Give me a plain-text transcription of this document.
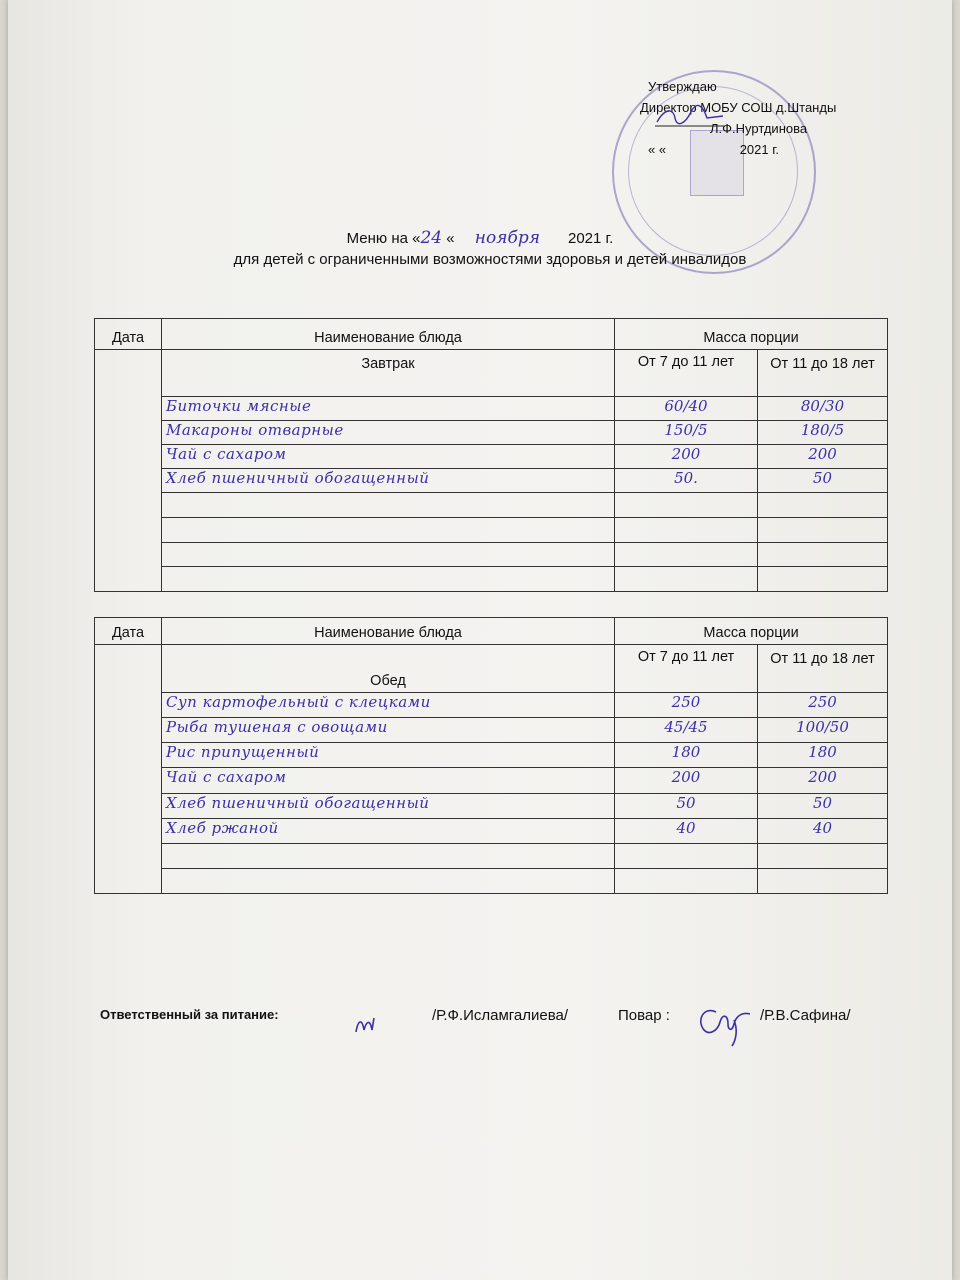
Утверждаю
Директор МОБУ СОШ д.Штанды
Л.Ф.Нуртдинова
« «	2021 г.
Меню на «24 « ноября 2021 г.
для детей с ограниченными возможностями здоровья и детей инвалидов
Дата	Наименование блюда	Масса порции	
	Завтрак	От 7 до 11 лет	От 11 до 18 лет
	Биточки мясные	60/40	80/30
	Макароны отварные	150/5	180/5
	Чай с сахаром	200	200
	Хлеб пшеничный обогащенный	50.	50

Дата	Наименование блюда	Масса порции	
	Обед	От 7 до 11 лет	От 11 до 18 лет
	Суп картофельный с клецками	250	250
	Рыба тушеная с овощами	45/45	100/50
	Рис припущенный	180	180
	Чай с сахаром	200	200
	Хлеб пшеничный обогащенный	50	50
	Хлеб ржаной	40	40

Ответственный за питание:	/Р.Ф.Исламгалиева/	Повар :	/Р.В.Сафина/
